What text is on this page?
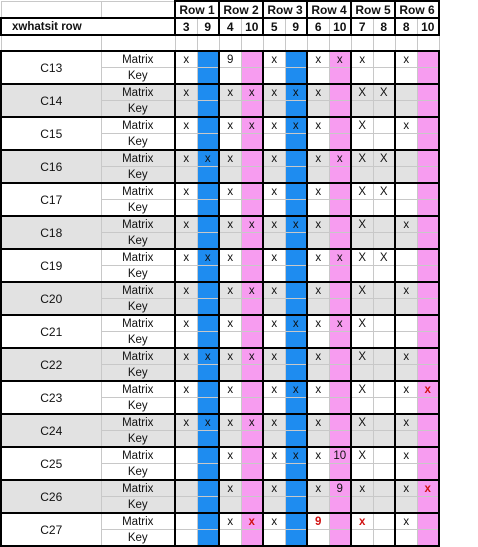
		Row 1		Row 2		Row 3		Row 4		Row 5		Row 6	
xwhatsit row		3	9	4	10	5	9	6	10	7	8	8	10

C13	Matrix	x		9		x		x	x	x		x	
	Key												
C14	Matrix	x		x	x	x	x	x		X	X		
	Key												
C15	Matrix	x		x	x	x	x	x		X		x	
	Key												
C16	Matrix	x	x	x		x		x	x	X	X		
	Key												
C17	Matrix	x		x		x		x		X	X		
	Key												
C18	Matrix	x		x	x	x	x	x		X		x	
	Key												
C19	Matrix	x	x	x		x		x	x	X	X		
	Key												
C20	Matrix	x		x	x	x		x		X		x	
	Key												
C21	Matrix	x		x		x	x	x	x	X			
	Key												
C22	Matrix	x	x	x	x	x		x		X		x	
	Key												
C23	Matrix	x		x		x	x	x		X		x	x
	Key												
C24	Matrix	x	x	x	x	x		x		X		x	
	Key												
C25	Matrix			x		x	x	x	10	X		x	
	Key												
C26	Matrix			x		x		x	9	x		x	x
	Key												
C27	Matrix			x	x	x		9		x		x	
	Key												
